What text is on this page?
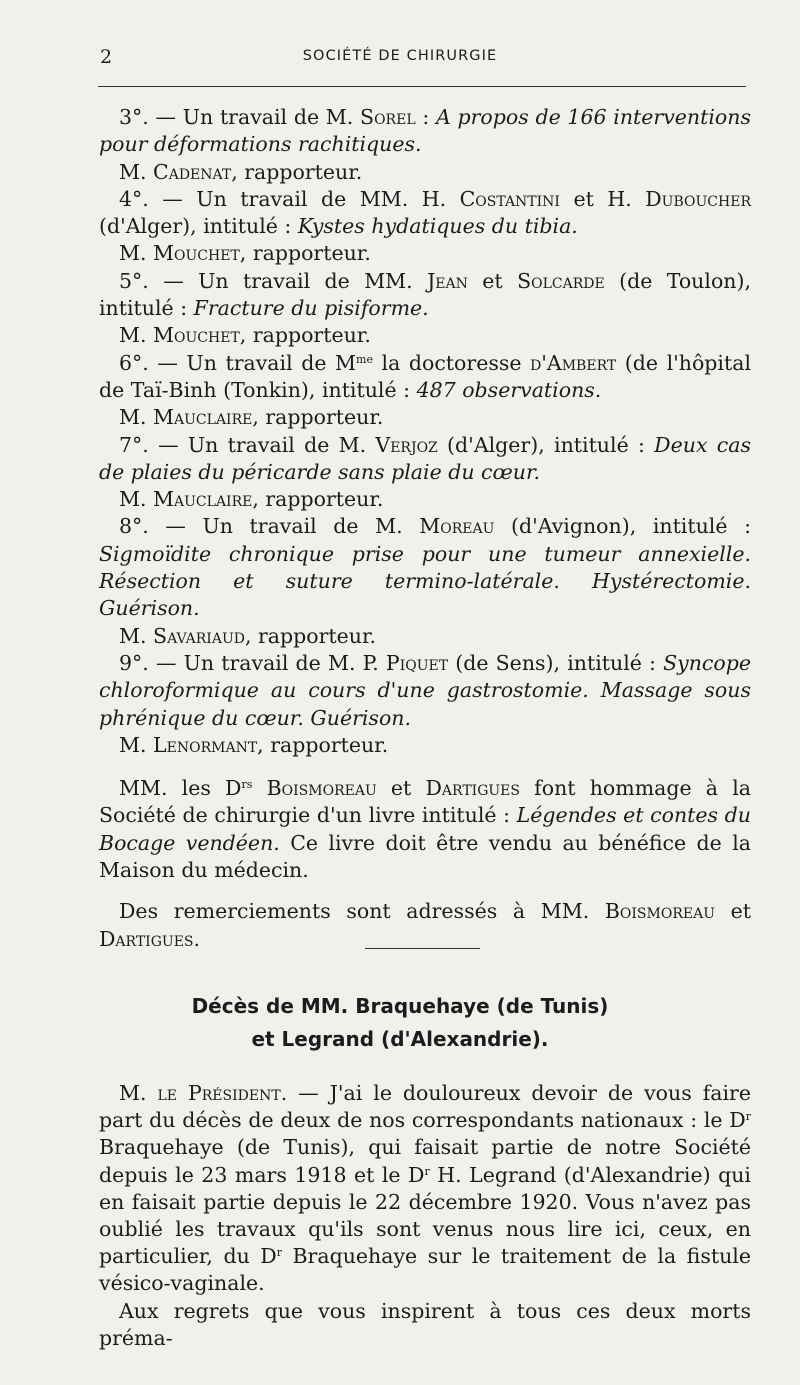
2	SOCIÉTÉ DE CHIRURGIE

3°. — Un travail de M. Sorel : A propos de 166 interventions pour déformations rachitiques.

M. Cadenat, rapporteur.

4°. — Un travail de MM. H. Costantini et H. Duboucher (d'Alger), intitulé : Kystes hydatiques du tibia.

M. Mouchet, rapporteur.

5°. — Un travail de MM. Jean et Solcarde (de Toulon), intitulé : Fracture du pisiforme.

M. Mouchet, rapporteur.

6°. — Un travail de $M^{me}$ la doctoresse d'Ambert (de l'hôpital de Taï-Binh (Tonkin), intitulé : 487 observations.

M. Mauclaire, rapporteur.

7°. — Un travail de M. Verjoz (d'Alger), intitulé : Deux cas de plaies du péricarde sans plaie du cœur.

M. Mauclaire, rapporteur.

8°. — Un travail de M. Moreau (d'Avignon), intitulé : Sigmoïdite chronique prise pour une tumeur annexielle. Résection et suture termino-latérale. Hystérectomie. Guérison.

M. Savariaud, rapporteur.

9°. — Un travail de M. P. Piquet (de Sens), intitulé : Syncope chloroformique au cours d'une gastrostomie. Massage sous phrénique du cœur. Guérison.

M. Lenormant, rapporteur.

MM. les $D^{rs}$ Boismoreau et Dartigues font hommage à la Société de chirurgie d'un livre intitulé : Légendes et contes du Bocage vendéen. Ce livre doit être vendu au bénéfice de la Maison du médecin.

Des remerciements sont adressés à MM. Boismoreau et Dartigues.

Décès de MM. Braquehaye (de Tunis)
et Legrand (d'Alexandrie).

M. le Président. — J'ai le douloureux devoir de vous faire part du décès de deux de nos correspondants nationaux : le $D^r$ Braquehaye (de Tunis), qui faisait partie de notre Société depuis le 23 mars 1918 et le $D^r$ H. Legrand (d'Alexandrie) qui en faisait partie depuis le 22 décembre 1920. Vous n'avez pas oublié les travaux qu'ils sont venus nous lire ici, ceux, en particulier, du $D^r$ Braquehaye sur le traitement de la fistule vésico-vaginale.

Aux regrets que vous inspirent à tous ces deux morts préma-
